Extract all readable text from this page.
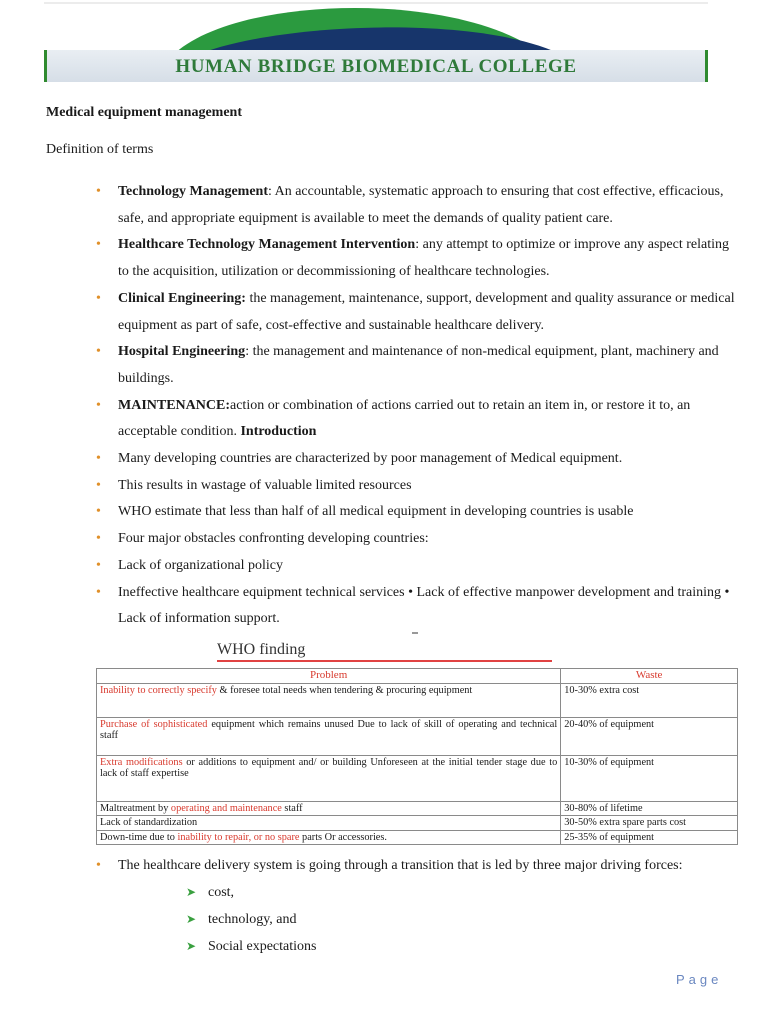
HUMAN BRIDGE BIOMEDICAL COLLEGE
Medical equipment management
Definition of terms
• Technology Management: An accountable, systematic approach to ensuring that cost effective, efficacious, safe, and appropriate equipment is available to meet the demands of quality patient care.
• Healthcare Technology Management Intervention: any attempt to optimize or improve any aspect relating to the acquisition, utilization or decommissioning of healthcare technologies.
• Clinical Engineering: the management, maintenance, support, development and quality assurance or medical equipment as part of safe, cost-effective and sustainable healthcare delivery.
• Hospital Engineering: the management and maintenance of non-medical equipment, plant, machinery and buildings.
• MAINTENANCE:action or combination of actions carried out to retain an item in, or restore it to, an acceptable condition. Introduction
• Many developing countries are characterized by poor management of Medical equipment.
• This results in wastage of valuable limited resources
• WHO estimate that less than half of all medical equipment in developing countries is usable
• Four major obstacles confronting developing countries:
• Lack of organizational policy
• Ineffective healthcare equipment technical services • Lack of effective manpower development and training • Lack of information support.
WHO finding
Problem	Waste
Inability to correctly specify & foresee total needs when tendering & procuring equipment	10-30% extra cost
Purchase of sophisticated equipment which remains unused Due to lack of skill of operating and technical staff	20-40% of equipment
Extra modifications or additions to equipment and/ or building Unforeseen at the initial tender stage due to lack of staff expertise	10-30% of equipment
Maltreatment by operating and maintenance staff	30-80% of lifetime
Lack of standardization	30-50% extra spare parts cost
Down-time due to inability to repair, or no spare parts Or accessories.	25-35% of equipment
• The healthcare delivery system is going through a transition that is led by three major driving forces:
➤ cost,
➤ technology, and
➤ Social expectations
Page
